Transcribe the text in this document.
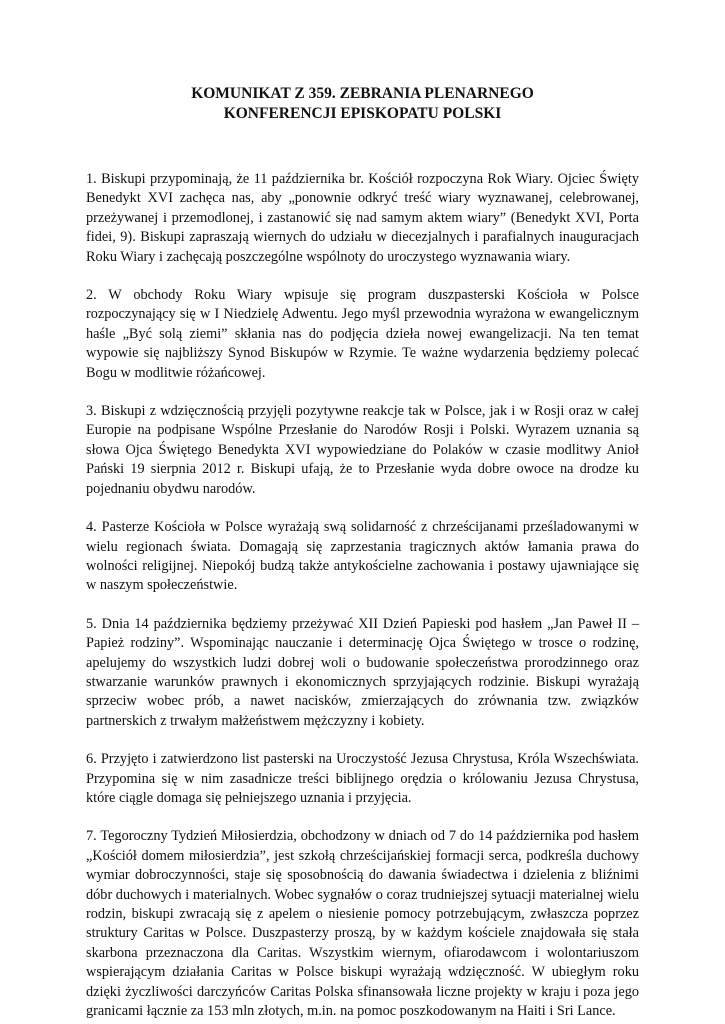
KOMUNIKAT Z 359. ZEBRANIA PLENARNEGO
KONFERENCJI EPISKOPATU POLSKI

1. Biskupi przypominają, że 11 października br. Kościół rozpoczyna Rok Wiary. Ojciec Święty Benedykt XVI zachęca nas, aby „ponownie odkryć treść wiary wyznawanej, celebrowanej, przeżywanej i przemodlonej, i zastanowić się nad samym aktem wiary” (Benedykt XVI, Porta fidei, 9). Biskupi zapraszają wiernych do udziału w diecezjalnych i parafialnych inauguracjach Roku Wiary i zachęcają poszczególne wspólnoty do uroczystego wyznawania wiary.

2. W obchody Roku Wiary wpisuje się program duszpasterski Kościoła w Polsce rozpoczynający się w I Niedzielę Adwentu. Jego myśl przewodnia wyrażona w ewangelicznym haśle „Być solą ziemi” skłania nas do podjęcia dzieła nowej ewangelizacji. Na ten temat wypowie się najbliższy Synod Biskupów w Rzymie. Te ważne wydarzenia będziemy polecać Bogu w modlitwie różańcowej.

3. Biskupi z wdzięcznością przyjęli pozytywne reakcje tak w Polsce, jak i w Rosji oraz w całej Europie na podpisane Wspólne Przesłanie do Narodów Rosji i Polski. Wyrazem uznania są słowa Ojca Świętego Benedykta XVI wypowiedziane do Polaków w czasie modlitwy Anioł Pański 19 sierpnia 2012 r. Biskupi ufają, że to Przesłanie wyda dobre owoce na drodze ku pojednaniu obydwu narodów.

4. Pasterze Kościoła w Polsce wyrażają swą solidarność z chrześcijanami prześladowanymi w wielu regionach świata. Domagają się zaprzestania tragicznych aktów łamania prawa do wolności religijnej. Niepokój budzą także antykościelne zachowania i postawy ujawniające się w naszym społeczeństwie.

5. Dnia 14 października będziemy przeżywać XII Dzień Papieski pod hasłem „Jan Paweł II – Papież rodziny”. Wspominając nauczanie i determinację Ojca Świętego w trosce o rodzinę, apelujemy do wszystkich ludzi dobrej woli o budowanie społeczeństwa prorodzinnego oraz stwarzanie warunków prawnych i ekonomicznych sprzyjających rodzinie. Biskupi wyrażają sprzeciw wobec prób, a nawet nacisków, zmierzających do zrównania tzw. związków partnerskich z trwałym małżeństwem mężczyzny i kobiety.

6. Przyjęto i zatwierdzono list pasterski na Uroczystość Jezusa Chrystusa, Króla Wszechświata. Przypomina się w nim zasadnicze treści biblijnego orędzia o królowaniu Jezusa Chrystusa, które ciągle domaga się pełniejszego uznania i przyjęcia.

7. Tegoroczny Tydzień Miłosierdzia, obchodzony w dniach od 7 do 14 października pod hasłem „Kościół domem miłosierdzia”, jest szkołą chrześcijańskiej formacji serca, podkreśla duchowy wymiar dobroczynności, staje się sposobnością do dawania świadectwa i dzielenia z bliźnimi dóbr duchowych i materialnych. Wobec sygnałów o coraz trudniejszej sytuacji materialnej wielu rodzin, biskupi zwracają się z apelem o niesienie pomocy potrzebującym, zwłaszcza poprzez struktury Caritas w Polsce. Duszpasterzy proszą, by w każdym kościele znajdowała się stała skarbona przeznaczona dla Caritas. Wszystkim wiernym, ofiarodawcom i wolontariuszom wspierającym działania Caritas w Polsce biskupi wyrażają wdzięczność. W ubiegłym roku dzięki życzliwości darczyńców Caritas Polska sfinansowała liczne projekty w kraju i poza jego granicami łącznie za 153 mln złotych, m.in. na pomoc poszkodowanym na Haiti i Sri Lance.
